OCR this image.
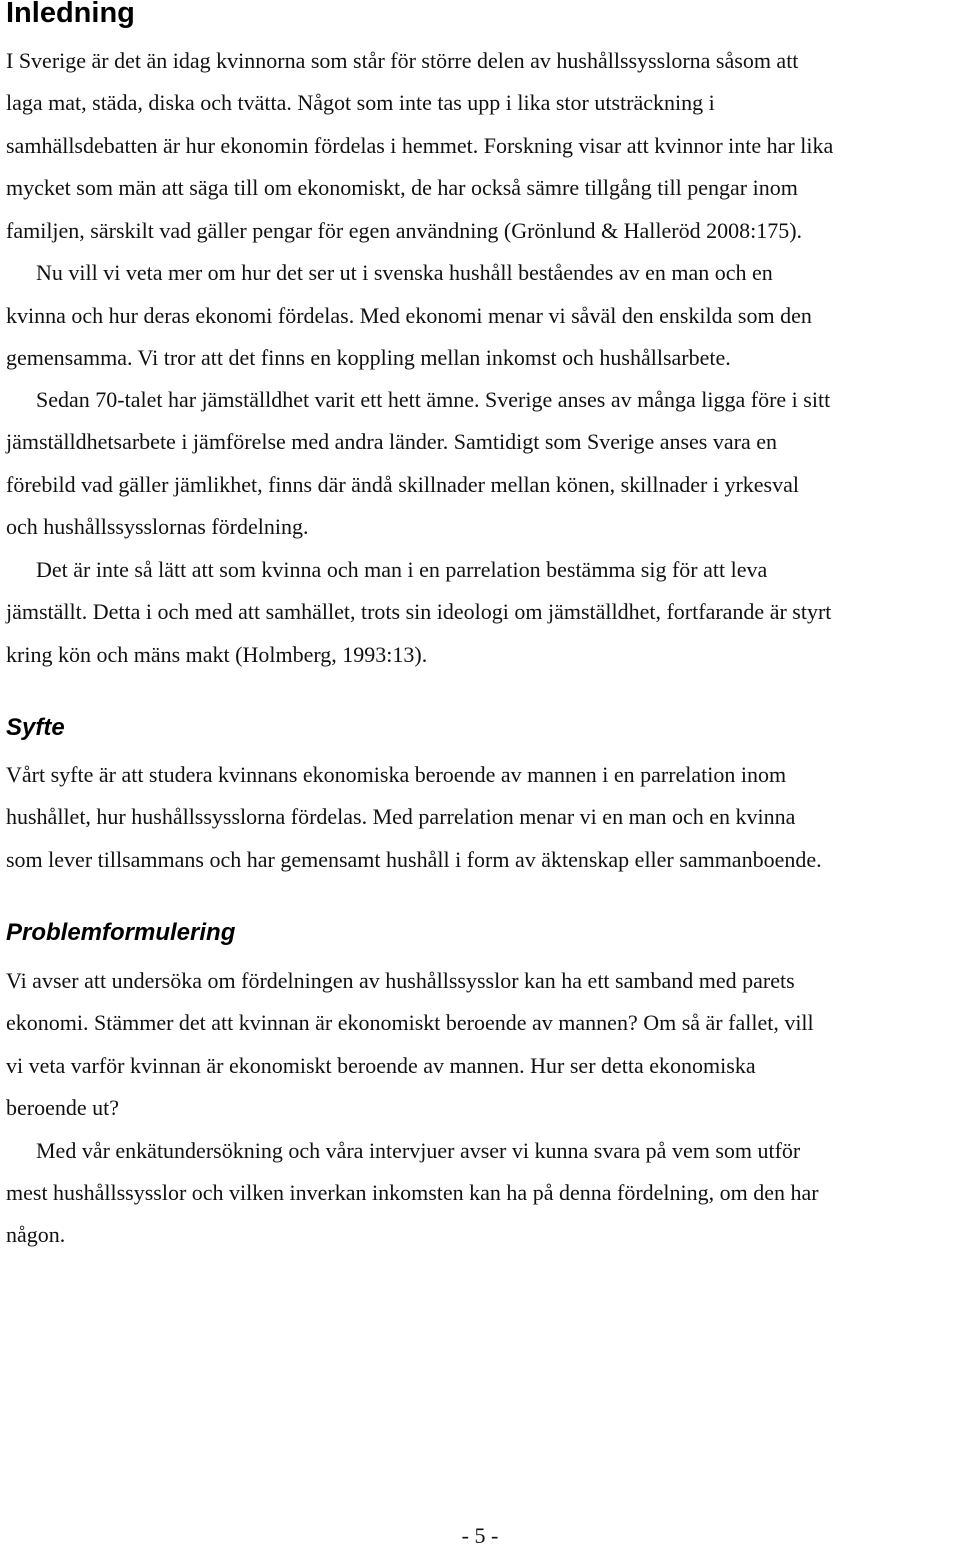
Inledning

I Sverige är det än idag kvinnorna som står för större delen av hushållssysslorna såsom att

laga mat, städa, diska och tvätta. Något som inte tas upp i lika stor utsträckning i

samhällsdebatten är hur ekonomin fördelas i hemmet. Forskning visar att kvinnor inte har lika

mycket som män att säga till om ekonomiskt, de har också sämre tillgång till pengar inom

familjen, särskilt vad gäller pengar för egen användning (Grönlund & Halleröd 2008:175).

Nu vill vi veta mer om hur det ser ut i svenska hushåll beståendes av en man och en

kvinna och hur deras ekonomi fördelas. Med ekonomi menar vi såväl den enskilda som den

gemensamma. Vi tror att det finns en koppling mellan inkomst och hushållsarbete.

Sedan 70-talet har jämställdhet varit ett hett ämne. Sverige anses av många ligga före i sitt

jämställdhetsarbete i jämförelse med andra länder. Samtidigt som Sverige anses vara en

förebild vad gäller jämlikhet, finns där ändå skillnader mellan könen, skillnader i yrkesval

och hushållssysslornas fördelning.

Det är inte så lätt att som kvinna och man i en parrelation bestämma sig för att leva

jämställt. Detta i och med att samhället, trots sin ideologi om jämställdhet, fortfarande är styrt

kring kön och mäns makt (Holmberg, 1993:13).

Syfte

Vårt syfte är att studera kvinnans ekonomiska beroende av mannen i en parrelation inom

hushållet, hur hushållssysslorna fördelas. Med parrelation menar vi en man och en kvinna

som lever tillsammans och har gemensamt hushåll i form av äktenskap eller sammanboende.

Problemformulering

Vi avser att undersöka om fördelningen av hushållssysslor kan ha ett samband med parets

ekonomi. Stämmer det att kvinnan är ekonomiskt beroende av mannen? Om så är fallet, vill

vi veta varför kvinnan är ekonomiskt beroende av mannen. Hur ser detta ekonomiska

beroende ut?

Med vår enkätundersökning och våra intervjuer avser vi kunna svara på vem som utför

mest hushållssysslor och vilken inverkan inkomsten kan ha på denna fördelning, om den har

någon.

- 5 -
